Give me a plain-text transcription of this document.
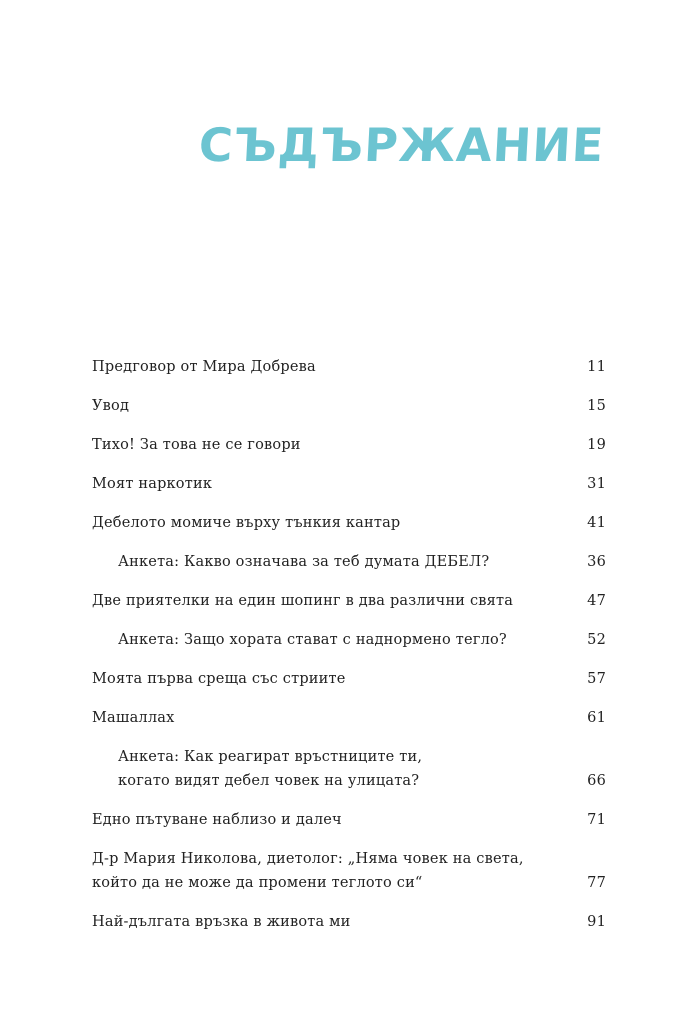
СЪДЪРЖАНИЕ
Предговор от Мира Добрева	11
Увод	15
Тихо! За това не се говори	19
Моят наркотик	31
Дебелото момиче върху тънкия кантар	41
Анкета: Какво означава за теб думата ДЕБЕЛ?	36
Две приятелки на един шопинг в два различни свята	47
Анкета: Защо хората стават с наднормено тегло?	52
Моята първа среща със стриите	57
Машаллах	61
Анкета: Как реагират връстниците ти,
когато видят дебел човек на улицата?	66
Едно пътуване наблизо и далеч	71
Д-р Мария Николова, диетолог: „Няма човек на света,
който да не може да промени теглото си“	77
Най-дългата връзка в живота ми	91
